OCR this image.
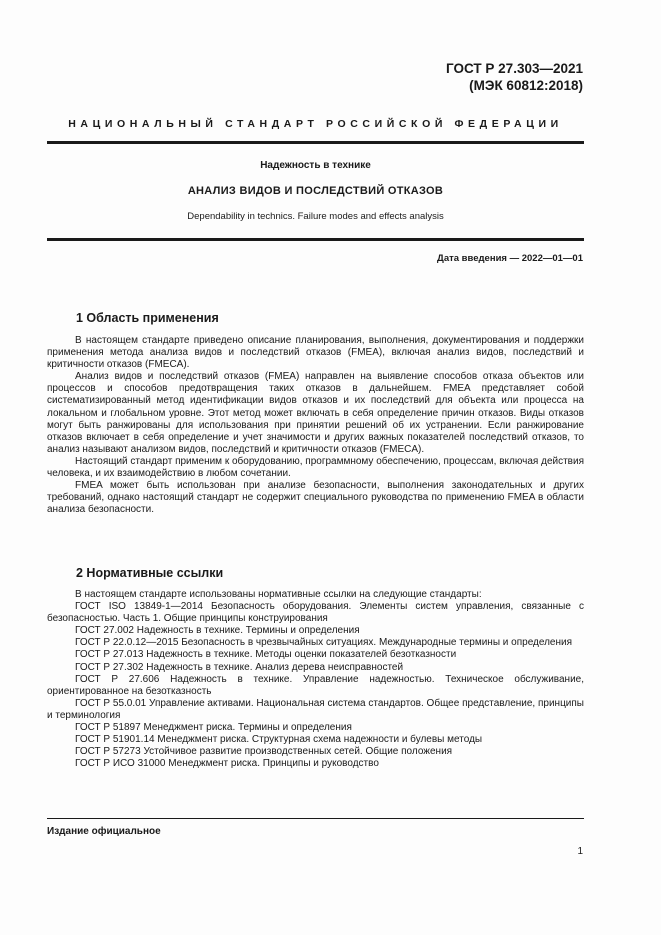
ГОСТ Р 27.303—2021
(МЭК 60812:2018)
НАЦИОНАЛЬНЫЙ СТАНДАРТ РОССИЙСКОЙ ФЕДЕРАЦИИ
Надежность в технике
АНАЛИЗ ВИДОВ И ПОСЛЕДСТВИЙ ОТКАЗОВ
Dependability in technics. Failure modes and effects analysis
Дата введения — 2022—01—01
1 Область применения

В настоящем стандарте приведено описание планирования, выполнения, документирования и поддержки применения метода анализа видов и последствий отказов (FMEA), включая анализ видов, последствий и критичности отказов (FMECA).

Анализ видов и последствий отказов (FMEA) направлен на выявление способов отказа объектов или процессов и способов предотвращения таких отказов в дальнейшем. FMEA представляет собой систематизированный метод идентификации видов отказов и их последствий для объекта или процесса на локальном и глобальном уровне. Этот метод может включать в себя определение причин отказов. Виды отказов могут быть ранжированы для использования при принятии решений об их устранении. Если ранжирование отказов включает в себя определение и учет значимости и других важных показателей последствий отказов, то анализ называют анализом видов, последствий и критичности отказов (FMECA).

Настоящий стандарт применим к оборудованию, программному обеспечению, процессам, включая действия человека, и их взаимодействию в любом сочетании.

FMEA может быть использован при анализе безопасности, выполнения законодательных и других требований, однако настоящий стандарт не содержит специального руководства по применению FMEA в области анализа безопасности.

2 Нормативные ссылки

В настоящем стандарте использованы нормативные ссылки на следующие стандарты:

ГОСТ ISO 13849-1—2014 Безопасность оборудования. Элементы систем управления, связанные с безопасностью. Часть 1. Общие принципы конструирования

ГОСТ 27.002 Надежность в технике. Термины и определения

ГОСТ Р 22.0.12—2015 Безопасность в чрезвычайных ситуациях. Международные термины и определения

ГОСТ Р 27.013 Надежность в технике. Методы оценки показателей безотказности

ГОСТ Р 27.302 Надежность в технике. Анализ дерева неисправностей

ГОСТ Р 27.606 Надежность в технике. Управление надежностью. Техническое обслуживание, ориентированное на безотказность

ГОСТ Р 55.0.01 Управление активами. Национальная система стандартов. Общее представление, принципы и терминология

ГОСТ Р 51897 Менеджмент риска. Термины и определения

ГОСТ Р 51901.14 Менеджмент риска. Структурная схема надежности и булевы методы

ГОСТ Р 57273 Устойчивое развитие производственных сетей. Общие положения

ГОСТ Р ИСО 31000 Менеджмент риска. Принципы и руководство

Издание официальное
1
